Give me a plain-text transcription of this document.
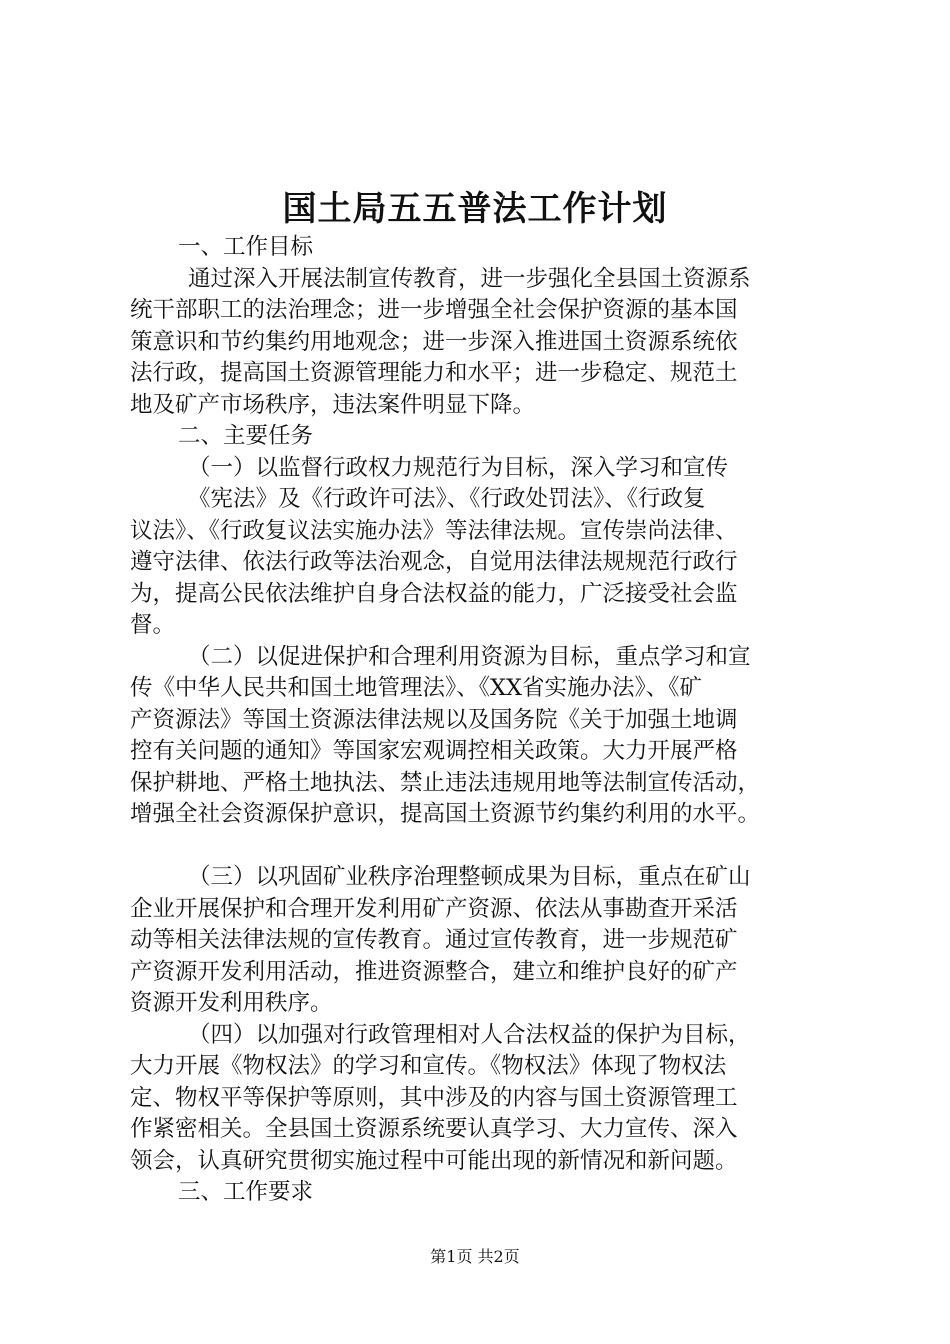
国土局五五普法工作计划
一、工作目标
通过深入开展法制宣传教育，进一步强化全县国土资源系
统干部职工的法治理念；进一步增强全社会保护资源的基本国
策意识和节约集约用地观念；进一步深入推进国土资源系统依
法行政，提高国土资源管理能力和水平；进一步稳定、规范土
地及矿产市场秩序，违法案件明显下降。
二、主要任务
（一）以监督行政权力规范行为目标，深入学习和宣传
《宪法》及《行政许可法》、《行政处罚法》、《行政复
议法》、《行政复议法实施办法》等法律法规。宣传崇尚法律、
遵守法律、依法行政等法治观念，自觉用法律法规规范行政行
为，提高公民依法维护自身合法权益的能力，广泛接受社会监
督。
（二）以促进保护和合理利用资源为目标，重点学习和宣
传《中华人民共和国土地管理法》、《XX省实施办法》、《矿
产资源法》等国土资源法律法规以及国务院《关于加强土地调
控有关问题的通知》等国家宏观调控相关政策。大力开展严格
保护耕地、严格土地执法、禁止违法违规用地等法制宣传活动，
增强全社会资源保护意识，提高国土资源节约集约利用的水平。
（三）以巩固矿业秩序治理整顿成果为目标，重点在矿山
企业开展保护和合理开发利用矿产资源、依法从事勘查开采活
动等相关法律法规的宣传教育。通过宣传教育，进一步规范矿
产资源开发利用活动，推进资源整合，建立和维护良好的矿产
资源开发利用秩序。
（四）以加强对行政管理相对人合法权益的保护为目标，
大力开展《物权法》的学习和宣传。《物权法》体现了物权法
定、物权平等保护等原则，其中涉及的内容与国土资源管理工
作紧密相关。全县国土资源系统要认真学习、大力宣传、深入
领会，认真研究贯彻实施过程中可能出现的新情况和新问题。
三、工作要求
第1页 共2页
